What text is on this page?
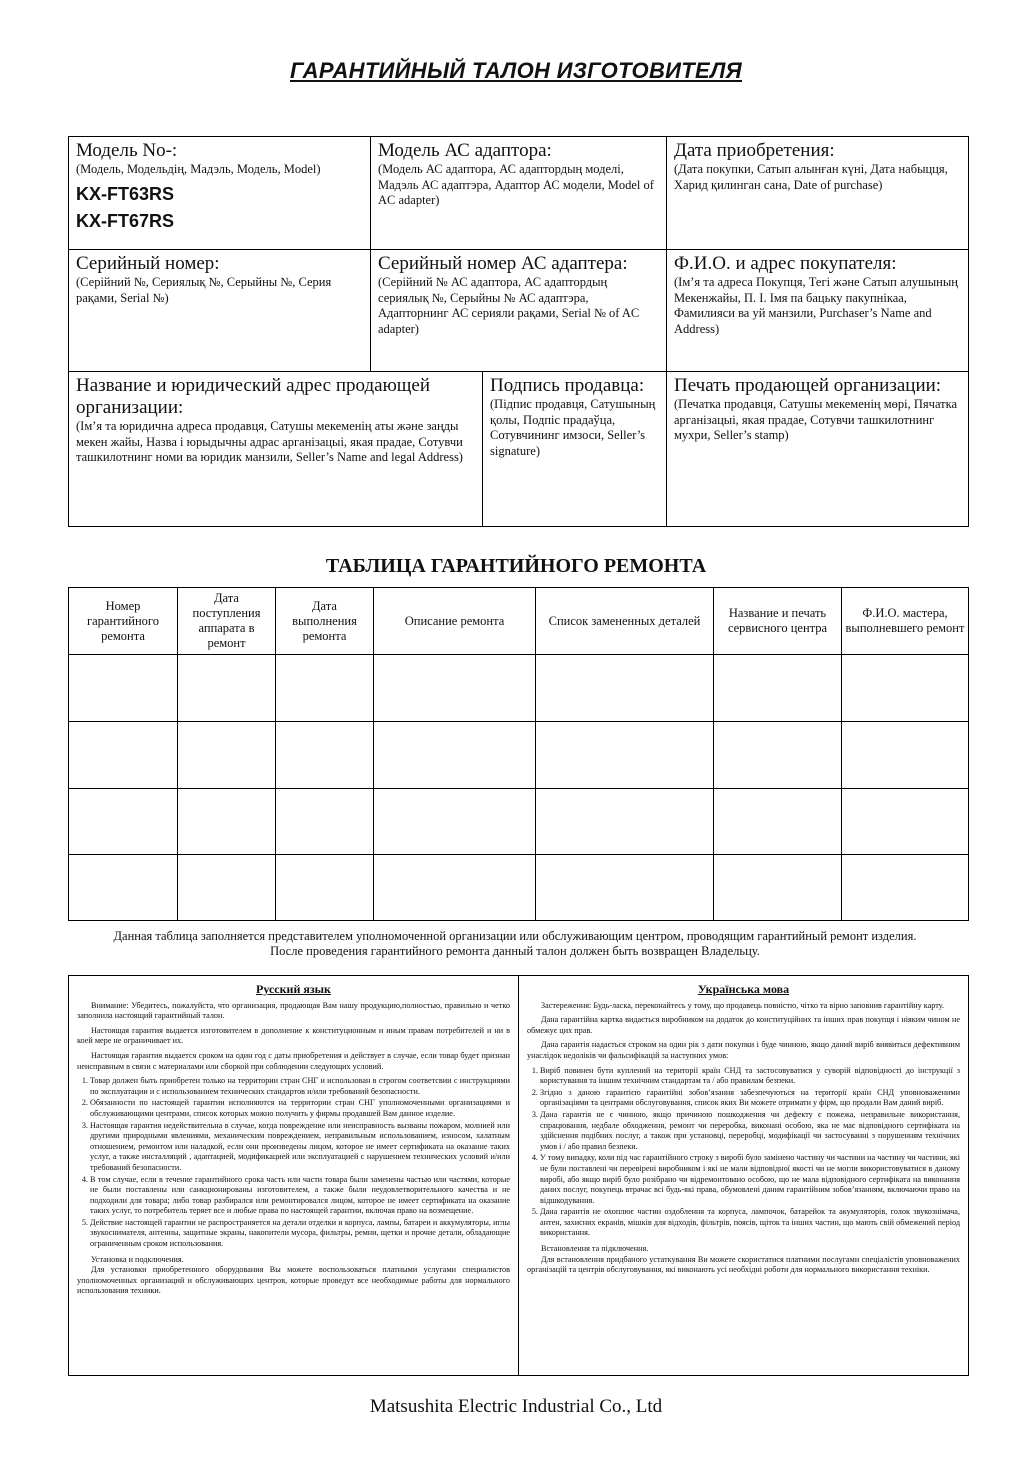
ГАРАНТИЙНЫЙ ТАЛОН ИЗГОТОВИТЕЛЯ
Модель No-:
(Модель, Модельдің, Мадэль, Модель, Model)
KX-FT63RS
KX-FT67RS
Модель АС адаптора:
(Модель АС адаптора, АС адаптордың моделі, Мадэль АС адаптэра, Адаптор АС модели, Model of AC adapter)
Дата приобретения:
(Дата покупки, Сатып алынған күні, Дата набыцця, Харид қилинган сана, Date of purchase)
Серийный номер:
(Серійний №, Сериялық №, Серыйны №, Серия рақами, Serial №)
Серийный номер АС адаптера:
(Серійний № АС адаптора, АС адаптордың сериялық №, Серыйны № АС адаптэра, Адапторнинг АС серияли рақами, Serial № of AC adapter)
Ф.И.О. и адрес покупателя:
(Ім’я та адреса Покупця, Тегі және Сатып алушының Мекенжайы, П. І. Імя па бацьку пакупнікаа, Фамилияси ва уй манзили, Purchaser’s Name and Address)
Название и юридический адрес продающей организации:
(Ім’я та юридична адреса продавця, Сатушы мекеменің аты және заңды мекен жайы, Назва і юрыдычны адрас арганізацыі, якая прадае, Сотувчи ташкилотнинг номи ва юридик манзили, Seller’s Name and legal Address)
Подпись продавца:
(Підпис продавця, Сатушының қолы, Подпіс прадаўца, Сотувчининг имзоси, Seller’s signature)
Печать продающей организации:
(Печатка продавця, Сатушы мекеменің мөрі, Пячатка арганізацыі, якая прадае, Сотувчи ташкилотнинг мухри, Seller’s stamp)
ТАБЛИЦА ГАРАНТИЙНОГО РЕМОНТА
Номер гарантийного ремонта
Дата поступления аппарата в ремонт
Дата выполнения ремонта
Описание ремонта	Список замененных деталей
Название и печать сервисного центра
Ф.И.О. мастера, выполневшего ремонт
Данная таблица заполняется представителем уполномоченной организации или обслуживающим центром, проводящим гарантийный ремонт изделия.
После проведения гарантийного ремонта данный талон должен быть возвращен Владельцу.
Русский язык

Внимание: Убедитесь, пожалуйста, что организация, продающая Вам нашу продукцию,полностью, правильно и четко заполнила настоящий гарантийный талон.

Настоящая гарантия выдается изготовителем в дополнение к конституционным и иным правам потребителей и ни в коей мере не ограничивает их.

Настоящая гарантия выдается сроком на один год с даты приобретения и действует в случае, если товар будет признан неисправным в связи с материалами или сборкой при соблюдении следующих условий.

1. Товар должен быть приобретен только на территории стран СНГ и использован в строгом соответсвии с инструкциями по эксплуатации и с использованием технических стандартов и/или требований безопасности.
2. Обязанности по настоящей гарантии исполняются на территории стран СНГ уполномоченными организациями и обслуживающими центрами, список которых можно получить у фирмы продавшей Вам данное изделие.
3. Настоящая гарантия недействительна в случае, когда повреждение или неисправность вызваны пожаром, молнией или другими природными явлениями, механическим повреждением, неправильным использованием, износом, халатным отношением, ремонтом или наладкой, если они произведены лицом, которое не имеет сертификата на оказание таких услуг, а также инсталляций , адаптацией, модификацией или эксплуатацией с нарушением технических условий и/или требований безопасности.
4. В том случае, если в течение гарантийного срока часть или части товара были заменены частью или частями, которые не были поставлены или санкционированы изготовителем, а также были неудовлетворительного качества и не подходили для товара; либо товар разбирался или ремонтировался лицом, которое не имеет сертификата на оказание таких услуг, то потребитель теряет все и любые права по настоящей гарантии, включая право на возмещение.
5. Действие настоящей гарантии не распространяется на детали отделки и корпуса, лампы, батареи и аккумуляторы, иглы звукоснимателя, антенны, защитные экраны, накопители мусора, фильтры, ремни, щетки и прочие детали, обладающие ограниченным сроком использования.

Установка и подключения.

Для установки приобретенного оборудования Вы можете воспользоваться платными услугами специалистов уполномоченных организаций и обслуживающих центров, которые проведут все необходимые работы для нормального использования техники.

Українська мова

Застереження: Будь-ласка, переконайтесь у тому, що продавець повністю, чітко та вірно заповнив гарантійну карту.

Дана гарантійна картка видається виробником на додаток до конституційних та інших прав покупця і ніяким чином не обмежує цих прав.

Дана гарантія надається строком на один рік з дати покупки і буде чинною, якщо даний виріб виявиться дефективним унаслідок недоліків чи фальсифікацій за наступних умов:

1. Виріб повинен бути куплений на території країн СНД та застосовуватися у суворій відповідності до інструкції з користування та іншим технічним стандартам та / або правилам безпеки.
2. Згідно з даною гарантією гарантійні зобов’язання забезпечуються на території країн СНД уповноваженими організаціями та центрами обслуговування, список яких Ви можете отримати у фірм, що продали Вам даний виріб.
3. Дана гарантія не є чинною, якщо причиною пошкодження чи дефекту є пожежа, неправильне використання, спрацювання, недбале обходження, ремонт чи переробка, виконані особою, яка не має відповідного сертифіката на здійснення подібних послуг, а також при установці, переробці, модифікації чи застосуванні з порушенням технічних умов і / або правил безпеки.
4. У тому випадку, коли під час гарантійного строку з виробі було замінено частину чи частини на частину чи частини, які не були поставлені чи перевірені виробником і які не мали відповідної якості чи не могли використовуватися в даному виробі, або якщо виріб було розібрано чи відремонтовано особою, що не мала відповідного сертифіката на виконання даних послуг, покупець втрачає всі будь-які права, обумовлені даним гарантійним зобов’язанням, включаючи право на відшкодування.
5. Дана гарантія не охоплює частин оздоблення та корпуса, лампочок, батарейок та акумуляторів, голок звукознімача, антен, захисних екранів, мішків для відходів, фільтрів, поясів, щіток та інших частин, що мають свій обмежений період використання.

Встановлення та підключення.

Для встановлення придбаного устаткування Ви можете скористатися платними послугами спеціалістів уповноважених організацій та центрів обслуговування, які виконають усі необхідні роботи для нормального використання техніки.

Matsushita Electric Industrial Co., Ltd
